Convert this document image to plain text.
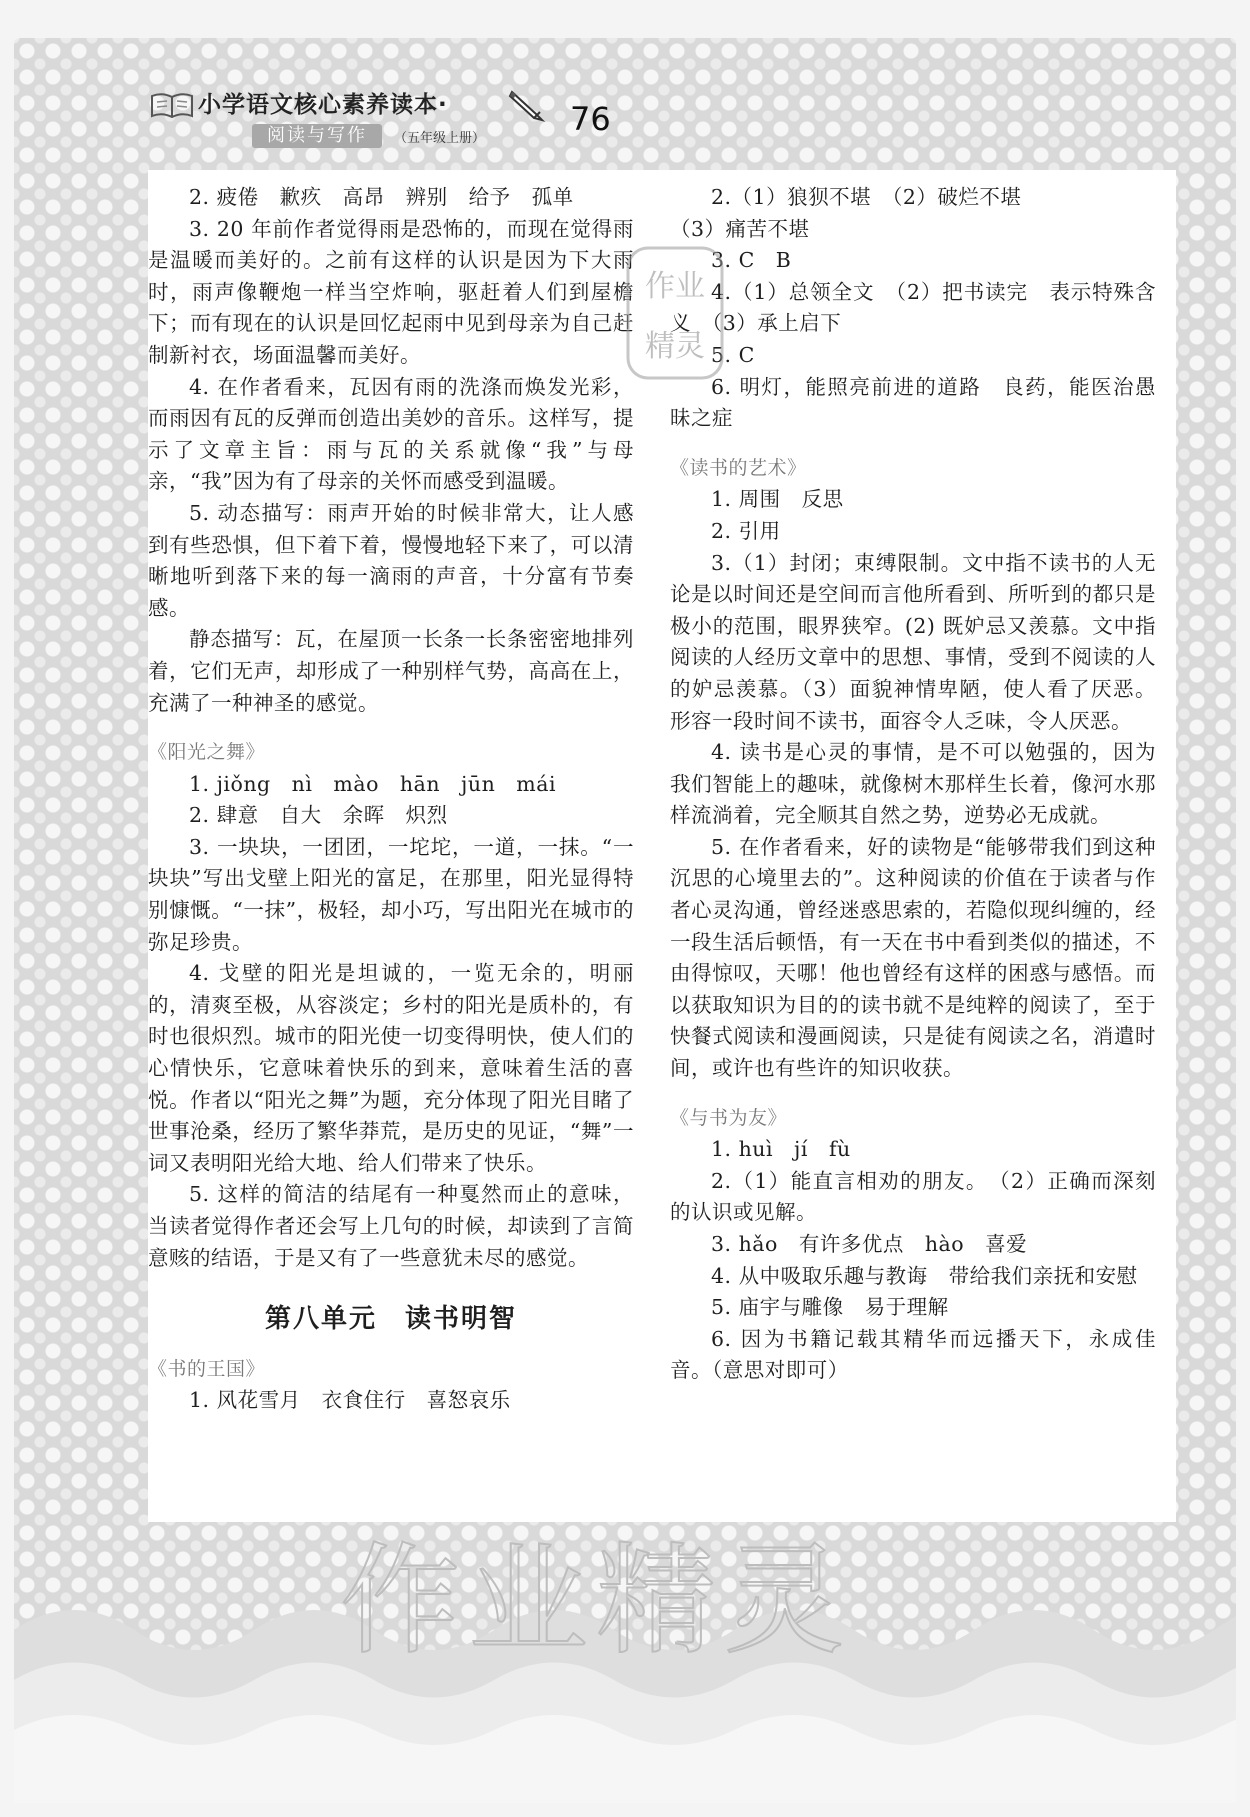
小学语文核心素养读本·	76
阅读与写作	（五年级上册）

2. 疲倦　歉疚　高昂　辨别　给予　孤单

3. 20 年前作者觉得雨是恐怖的，而现在觉得雨是温暖而美好的。之前有这样的认识是因为下大雨时，雨声像鞭炮一样当空炸响，驱赶着人们到屋檐下；而有现在的认识是回忆起雨中见到母亲为自己赶制新衬衣，场面温馨而美好。

4. 在作者看来，瓦因有雨的洗涤而焕发光彩，而雨因有瓦的反弹而创造出美妙的音乐。这样写，提示了文章主旨：雨与瓦的关系就像“我”与母亲，“我”因为有了母亲的关怀而感受到温暖。

5. 动态描写：雨声开始的时候非常大，让人感到有些恐惧，但下着下着，慢慢地轻下来了，可以清晰地听到落下来的每一滴雨的声音，十分富有节奏感。

静态描写：瓦，在屋顶一长条一长条密密地排列着，它们无声，却形成了一种别样气势，高高在上，充满了一种神圣的感觉。

《阳光之舞》

1. jiǒng　nì　mào　hān　jūn　mái

2. 肆意　自大　余晖　炽烈

3. 一块块，一团团，一坨坨，一道，一抹。“一块块”写出戈壁上阳光的富足，在那里，阳光显得特别慷慨。“一抹”，极轻，却小巧，写出阳光在城市的弥足珍贵。

4. 戈壁的阳光是坦诚的，一览无余的，明丽的，清爽至极，从容淡定；乡村的阳光是质朴的，有时也很炽烈。城市的阳光使一切变得明快，使人们的心情快乐，它意味着快乐的到来，意味着生活的喜悦。作者以“阳光之舞”为题，充分体现了阳光目睹了世事沧桑，经历了繁华莽荒，是历史的见证，“舞”一词又表明阳光给大地、给人们带来了快乐。

5. 这样的简洁的结尾有一种戛然而止的意味，当读者觉得作者还会写上几句的时候，却读到了言简意赅的结语，于是又有了一些意犹未尽的感觉。

第八单元　读书明智

《书的王国》

1. 风花雪月　衣食住行　喜怒哀乐

2.（1）狼狈不堪　（2）破烂不堪

（3）痛苦不堪

3. C　B

4.（1）总领全文　（2）把书读完　表示特殊含义　（3）承上启下

5. C

6. 明灯，能照亮前进的道路　良药，能医治愚昧之症

《读书的艺术》

1. 周围　反思

2. 引用

3.（1）封闭；束缚限制。文中指不读书的人无论是以时间还是空间而言他所看到、所听到的都只是极小的范围，眼界狭窄。(2) 既妒忌又羡慕。文中指阅读的人经历文章中的思想、事情，受到不阅读的人的妒忌羡慕。（3）面貌神情卑陋，使人看了厌恶。形容一段时间不读书，面容令人乏味，令人厌恶。

4. 读书是心灵的事情，是不可以勉强的，因为我们智能上的趣味，就像树木那样生长着，像河水那样流淌着，完全顺其自然之势，逆势必无成就。

5. 在作者看来，好的读物是“能够带我们到这种沉思的心境里去的”。这种阅读的价值在于读者与作者心灵沟通，曾经迷惑思索的，若隐似现纠缠的，经一段生活后顿悟，有一天在书中看到类似的描述，不由得惊叹，天哪！他也曾经有这样的困惑与感悟。而以获取知识为目的的读书就不是纯粹的阅读了，至于快餐式阅读和漫画阅读，只是徒有阅读之名，消遣时间，或许也有些许的知识收获。

《与书为友》

1. huì　jí　fù

2.（1）能直言相劝的朋友。　（2）正确而深刻的认识或见解。

3. hǎo　有许多优点　hào　喜爱

4. 从中吸取乐趣与教诲　带给我们亲抚和安慰

5. 庙宇与雕像　易于理解

6. 因为书籍记载其精华而远播天下，永成佳音。（意思对即可）

作业
精灵
作业精灵
